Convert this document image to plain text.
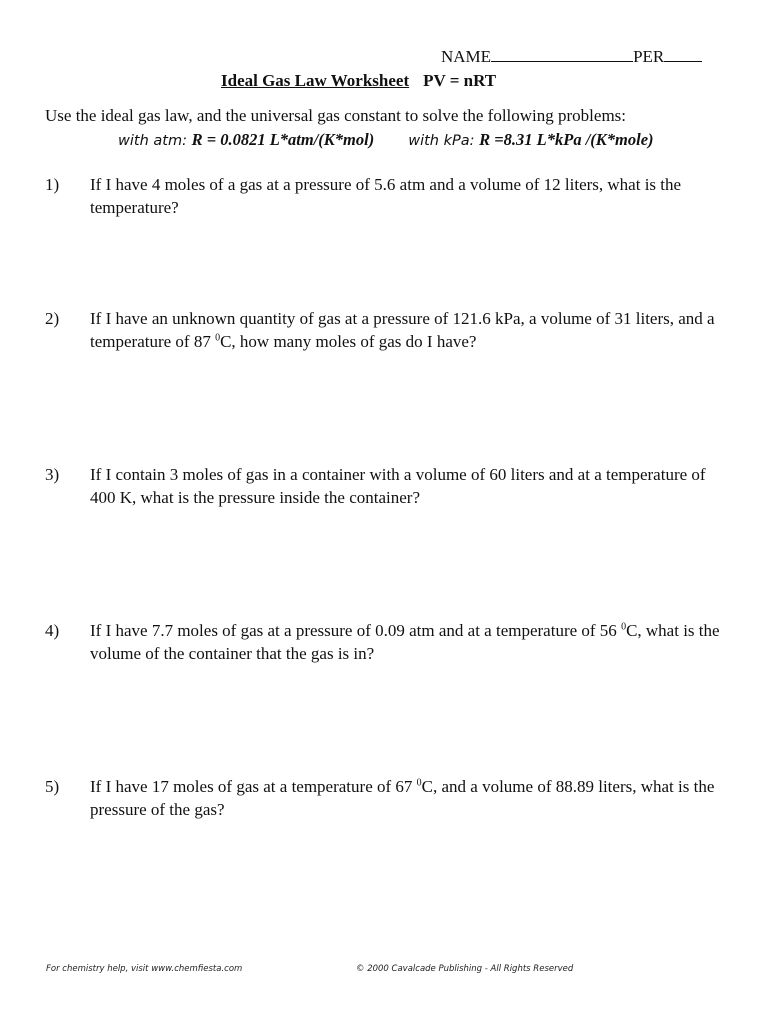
NAME	PER
Ideal Gas Law Worksheet PV = nRT
Use the ideal gas law, and the universal gas constant to solve the following problems:
with atm: R = 0.0821 L*atm/(K*mol) with kPa: R =8.31 L*kPa /(K*mole)
1) If I have 4 moles of a gas at a pressure of 5.6 atm and a volume of 12 liters, what is the temperature?
2) If I have an unknown quantity of gas at a pressure of 121.6 kPa, a volume of 31 liters, and a temperature of 87 $^0$C, how many moles of gas do I have?
3) If I contain 3 moles of gas in a container with a volume of 60 liters and at a temperature of 400 K, what is the pressure inside the container?
4) If I have 7.7 moles of gas at a pressure of 0.09 atm and at a temperature of 56 $^0$C, what is the volume of the container that the gas is in?
5) If I have 17 moles of gas at a temperature of 67 $^0$C, and a volume of 88.89 liters, what is the pressure of the gas?
For chemistry help, visit www.chemfiesta.com	© 2000 Cavalcade Publishing - All Rights Reserved
